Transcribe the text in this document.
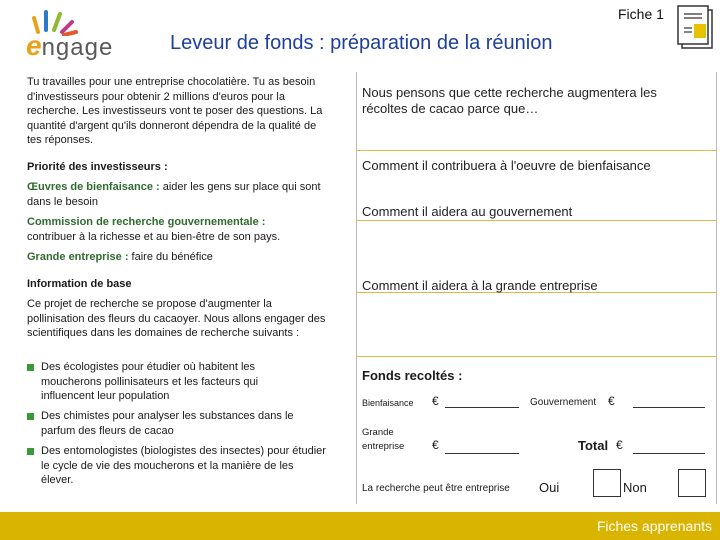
engage	Leveur de fonds : préparation de la réunion
Fiche 1
Tu travailles pour une entreprise chocolatière. Tu as besoin d'investisseurs pour obtenir 2 millions d'euros pour la recherche. Les investisseurs vont te poser des questions. La quantité d'argent qu'ils donneront dépendra de la qualité de tes réponses.
Priorité des investisseurs :
Œuvres de bienfaisance : aider les gens sur place qui sont dans le besoin
Commission de recherche gouvernementale :
contribuer à la richesse et au bien-être de son pays.
Grande entreprise : faire du bénéfice
Information de base
Ce projet de recherche se propose d'augmenter la pollinisation des fleurs du cacaoyer. Nous allons engager des scientifiques dans les domaines de recherche suivants :
Des écologistes pour étudier où habitent les moucherons pollinisateurs et les facteurs qui influencent leur population
Des chimistes pour analyser les substances dans le parfum des fleurs de cacao
Des entomologistes (biologistes des insectes) pour étudier le cycle de vie des moucherons et la manière de les élever.
Nous pensons que cette recherche augmentera les récoltes de cacao parce que…
Comment il contribuera à l'oeuvre de bienfaisance
Comment il aidera au gouvernement
Comment il aidera à la grande entreprise
Fonds recoltés :
Bienfaisance €	Gouvernement €
Grande entreprise	€	Total €
La recherche peut être entreprise Oui	Non
Fiches apprenants
